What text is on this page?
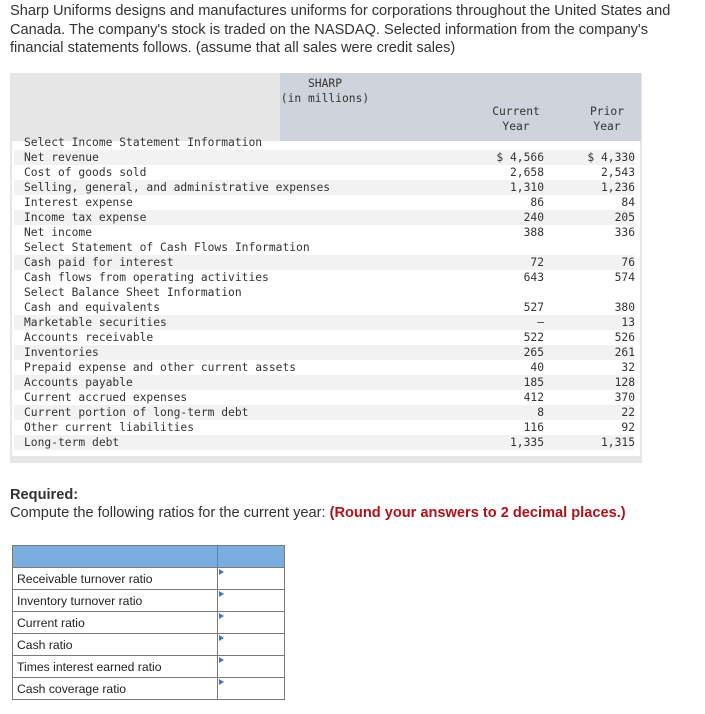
Sharp Uniforms designs and manufactures uniforms for corporations throughout the United States and Canada. The company's stock is traded on the NASDAQ. Selected information from the company's financial statements follows. (assume that all sales were credit sales)
SHARP
(in millions)
Current
Year
Prior
Year
Select Income Statement Information
Net revenue	$ 4,566	$ 4,330
Cost of goods sold	2,658	2,543
Selling, general, and administrative expenses	1,310	1,236
Interest expense	86	84
Income tax expense	240	205
Net income	388	336
Select Statement of Cash Flows Information
Cash paid for interest	72	76
Cash flows from operating activities	643	574
Select Balance Sheet Information
Cash and equivalents	527	380
Marketable securities	—	13
Accounts receivable	522	526
Inventories	265	261
Prepaid expense and other current assets	40	32
Accounts payable	185	128
Current accrued expenses	412	370
Current portion of long-term debt	8	22
Other current liabilities	116	92
Long-term debt	1,335	1,315
Required:
Compute the following ratios for the current year: (Round your answers to 2 decimal places.)

Receivable turnover ratio	
Inventory turnover ratio	
Current ratio	
Cash ratio	
Times interest earned ratio	
Cash coverage ratio	
